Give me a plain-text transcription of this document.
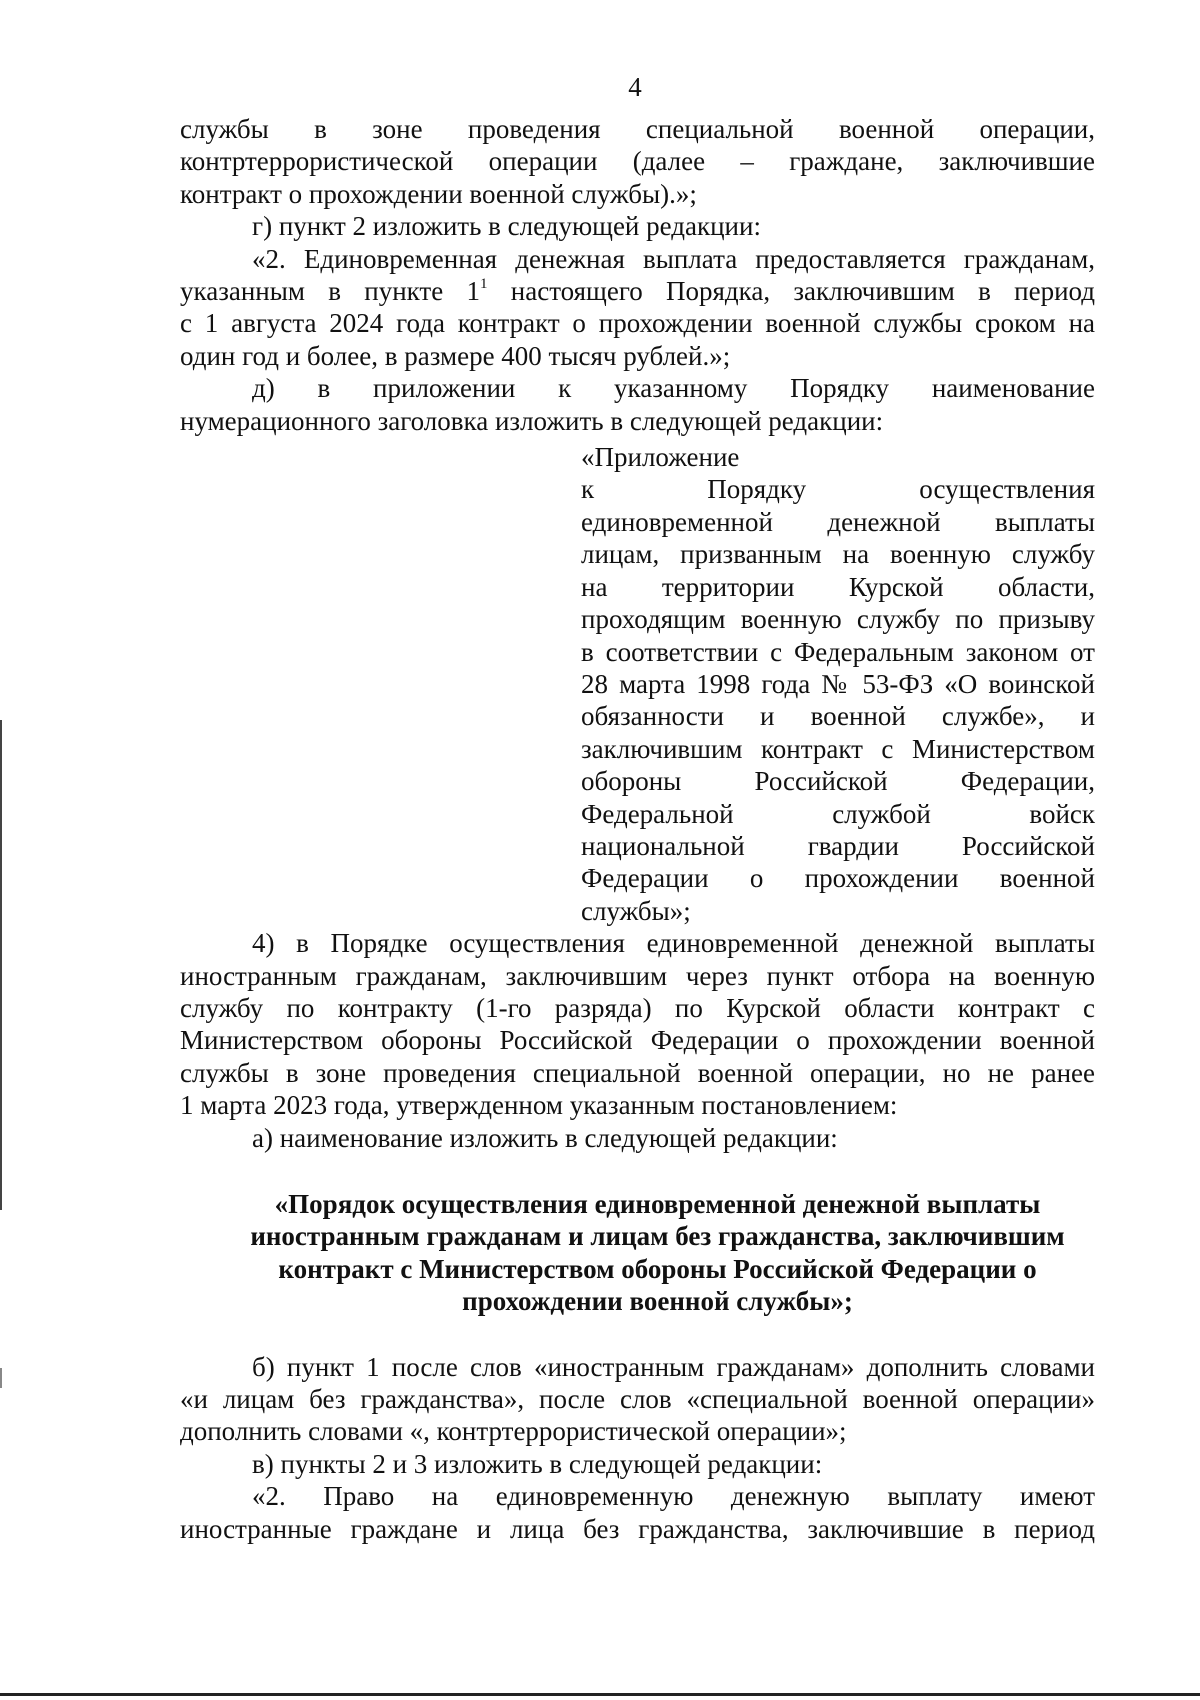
4
службы в зоне проведения специальной военной операции,
контртеррористической операции (далее – граждане, заключившие
контракт о прохождении военной службы).»;
г) пункт 2 изложить в следующей редакции:
«2. Единовременная денежная выплата предоставляется гражданам,
указанным в пункте $1^1$ настоящего Порядка, заключившим в период
с 1 августа 2024 года контракт о прохождении военной службы сроком на
один год и более, в размере 400 тысяч рублей.»;
д) в приложении к указанному Порядку наименование
нумерационного заголовка изложить в следующей редакции:
«Приложение
к Порядку осуществления
единовременной денежной выплаты
лицам, призванным на военную службу
на территории Курской области,
проходящим военную службу по призыву
в соответствии с Федеральным законом от
28 марта 1998 года № 53-ФЗ «О воинской
обязанности и военной службе», и
заключившим контракт с Министерством
обороны Российской Федерации,
Федеральной службой войск
национальной гвардии Российской
Федерации о прохождении военной
службы»;
4) в Порядке осуществления единовременной денежной выплаты
иностранным гражданам, заключившим через пункт отбора на военную
службу по контракту (1-го разряда) по Курской области контракт с
Министерством обороны Российской Федерации о прохождении военной
службы в зоне проведения специальной военной операции, но не ранее
1 марта 2023 года, утвержденном указанным постановлением:
а) наименование изложить в следующей редакции:
«Порядок осуществления единовременной денежной выплаты
иностранным гражданам и лицам без гражданства, заключившим
контракт с Министерством обороны Российской Федерации о
прохождении военной службы»;
б) пункт 1 после слов «иностранным гражданам» дополнить словами
«и лицам без гражданства», после слов «специальной военной операции»
дополнить словами «, контртеррористической операции»;
в) пункты 2 и 3 изложить в следующей редакции:
«2. Право на единовременную денежную выплату имеют
иностранные граждане и лица без гражданства, заключившие в период
